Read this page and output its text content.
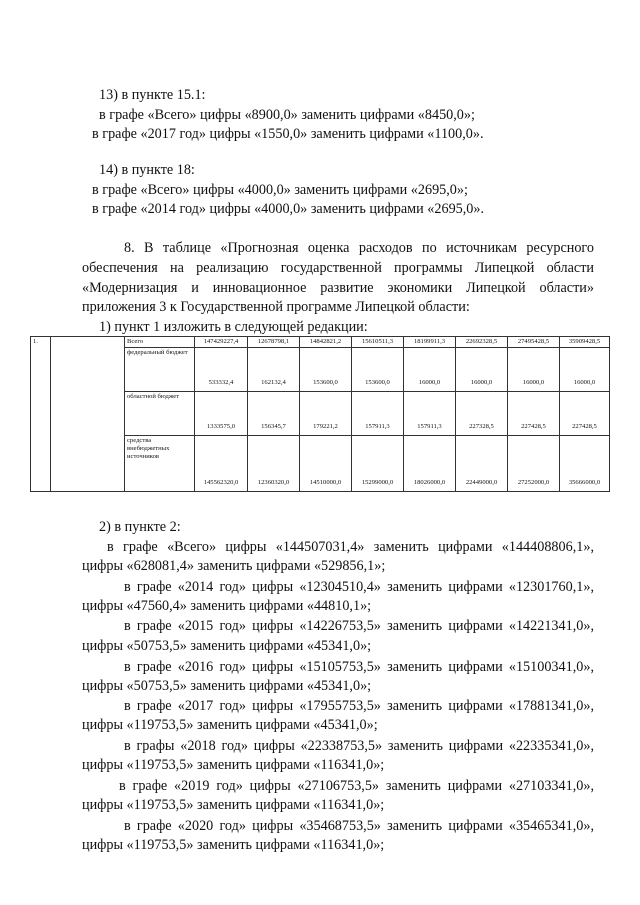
13) в пункте 15.1:
в графе «Всего» цифры «8900,0» заменить цифрами «8450,0»;
в графе «2017 год» цифры «1550,0» заменить цифрами «1100,0».
14) в пункте 18:
в графе «Всего» цифры «4000,0» заменить цифрами «2695,0»;
в графе «2014 год» цифры «4000,0» заменить цифрами «2695,0».
8. В таблице «Прогнозная оценка расходов по источникам ресурсного
обеспечения на реализацию государственной программы Липецкой области
«Модернизация и инновационное развитие экономики Липецкой области»
приложения 3 к Государственной программе Липецкой области:
1) пункт 1 изложить в следующей редакции:
1.		Всего	147429227,4	12678798,1	14842821,2	15610511,3	18199911,3	22692328,5	27495428,5	35909428,5
		федеральный бюджет	533332,4	162132,4	153600,0	153600,0	16000,0	16000,0	16000,0	16000,0
		областной бюджет	1333575,0	156345,7	179221,2	157911,3	157911,3	227328,5	227428,5	227428,5
		средства внебюджетных источников	145562320,0	12360320,0	14510000,0	15299000,0	18026000,0	22449000,0	27252000,0	35666000,0
2) в пункте 2:
в графе «Всего» цифры «144507031,4» заменить цифрами «144408806,1»,
цифры «628081,4» заменить цифрами «529856,1»;
в графе «2014 год» цифры «12304510,4» заменить цифрами «12301760,1»,
цифры «47560,4» заменить цифрами «44810,1»;
в графе «2015 год» цифры «14226753,5» заменить цифрами «14221341,0»,
цифры «50753,5» заменить цифрами «45341,0»;
в графе «2016 год» цифры «15105753,5» заменить цифрами «15100341,0»,
цифры «50753,5» заменить цифрами «45341,0»;
в графе «2017 год» цифры «17955753,5» заменить цифрами «17881341,0»,
цифры «119753,5» заменить цифрами «45341,0»;
в графы «2018 год» цифры «22338753,5» заменить цифрами «22335341,0»,
цифры «119753,5» заменить цифрами «116341,0»;
в графе «2019 год» цифры «27106753,5» заменить цифрами «27103341,0»,
цифры «119753,5» заменить цифрами «116341,0»;
в графе «2020 год» цифры «35468753,5» заменить цифрами «35465341,0»,
цифры «119753,5» заменить цифрами «116341,0»;
